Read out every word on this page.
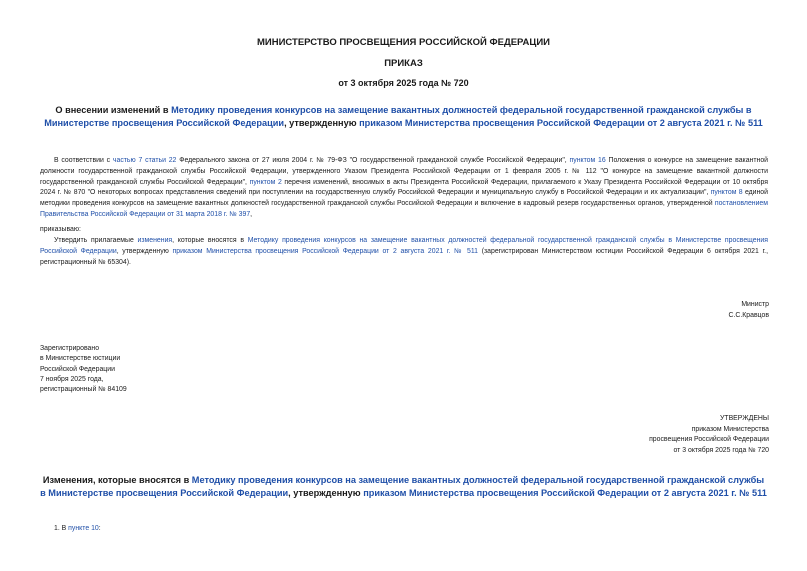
МИНИСТЕРСТВО ПРОСВЕЩЕНИЯ РОССИЙСКОЙ ФЕДЕРАЦИИ
ПРИКАЗ
от 3 октября 2025 года № 720
О внесении изменений в Методику проведения конкурсов на замещение вакантных должностей федеральной государственной гражданской службы в Министерстве просвещения Российской Федерации, утвержденную приказом Министерства просвещения Российской Федерации от 2 августа 2021 г. № 511
В соответствии с частью 7 статьи 22 Федерального закона от 27 июля 2004 г. № 79-ФЗ "О государственной гражданской службе Российской Федерации", пунктом 16 Положения о конкурсе на замещение вакантной должности государственной гражданской службы Российской Федерации, утвержденного Указом Президента Российской Федерации от 1 февраля 2005 г. № 112 "О конкурсе на замещение вакантной должности государственной гражданской службы Российской Федерации", пунктом 2 перечня изменений, вносимых в акты Президента Российской Федерации, прилагаемого к Указу Президента Российской Федерации от 10 октября 2024 г. № 870 "О некоторых вопросах представления сведений при поступлении на государственную службу Российской Федерации и муниципальную службу в Российской Федерации и их актуализации", пунктом 8 единой методики проведения конкурсов на замещение вакантных должностей государственной гражданской службы Российской Федерации и включение в кадровый резерв государственных органов, утвержденной постановлением Правительства Российской Федерации от 31 марта 2018 г. № 397,
приказываю:
Утвердить прилагаемые изменения, которые вносятся в Методику проведения конкурсов на замещение вакантных должностей федеральной государственной гражданской службы в Министерстве просвещения Российской Федерации, утвержденную приказом Министерства просвещения Российской Федерации от 2 августа 2021 г. № 511 (зарегистрирован Министерством юстиции Российской Федерации 6 октября 2021 г., регистрационный № 65304).
Министр
С.С.Кравцов
Зарегистрировано
в Министерстве юстиции
Российской Федерации
7 ноября 2025 года,
регистрационный № 84109
УТВЕРЖДЕНЫ
приказом Министерства
просвещения Российской Федерации
от 3 октября 2025 года № 720
Изменения, которые вносятся в Методику проведения конкурсов на замещение вакантных должностей федеральной государственной гражданской службы в Министерстве просвещения Российской Федерации, утвержденную приказом Министерства просвещения Российской Федерации от 2 августа 2021 г. № 511
1. В пункте 10:
